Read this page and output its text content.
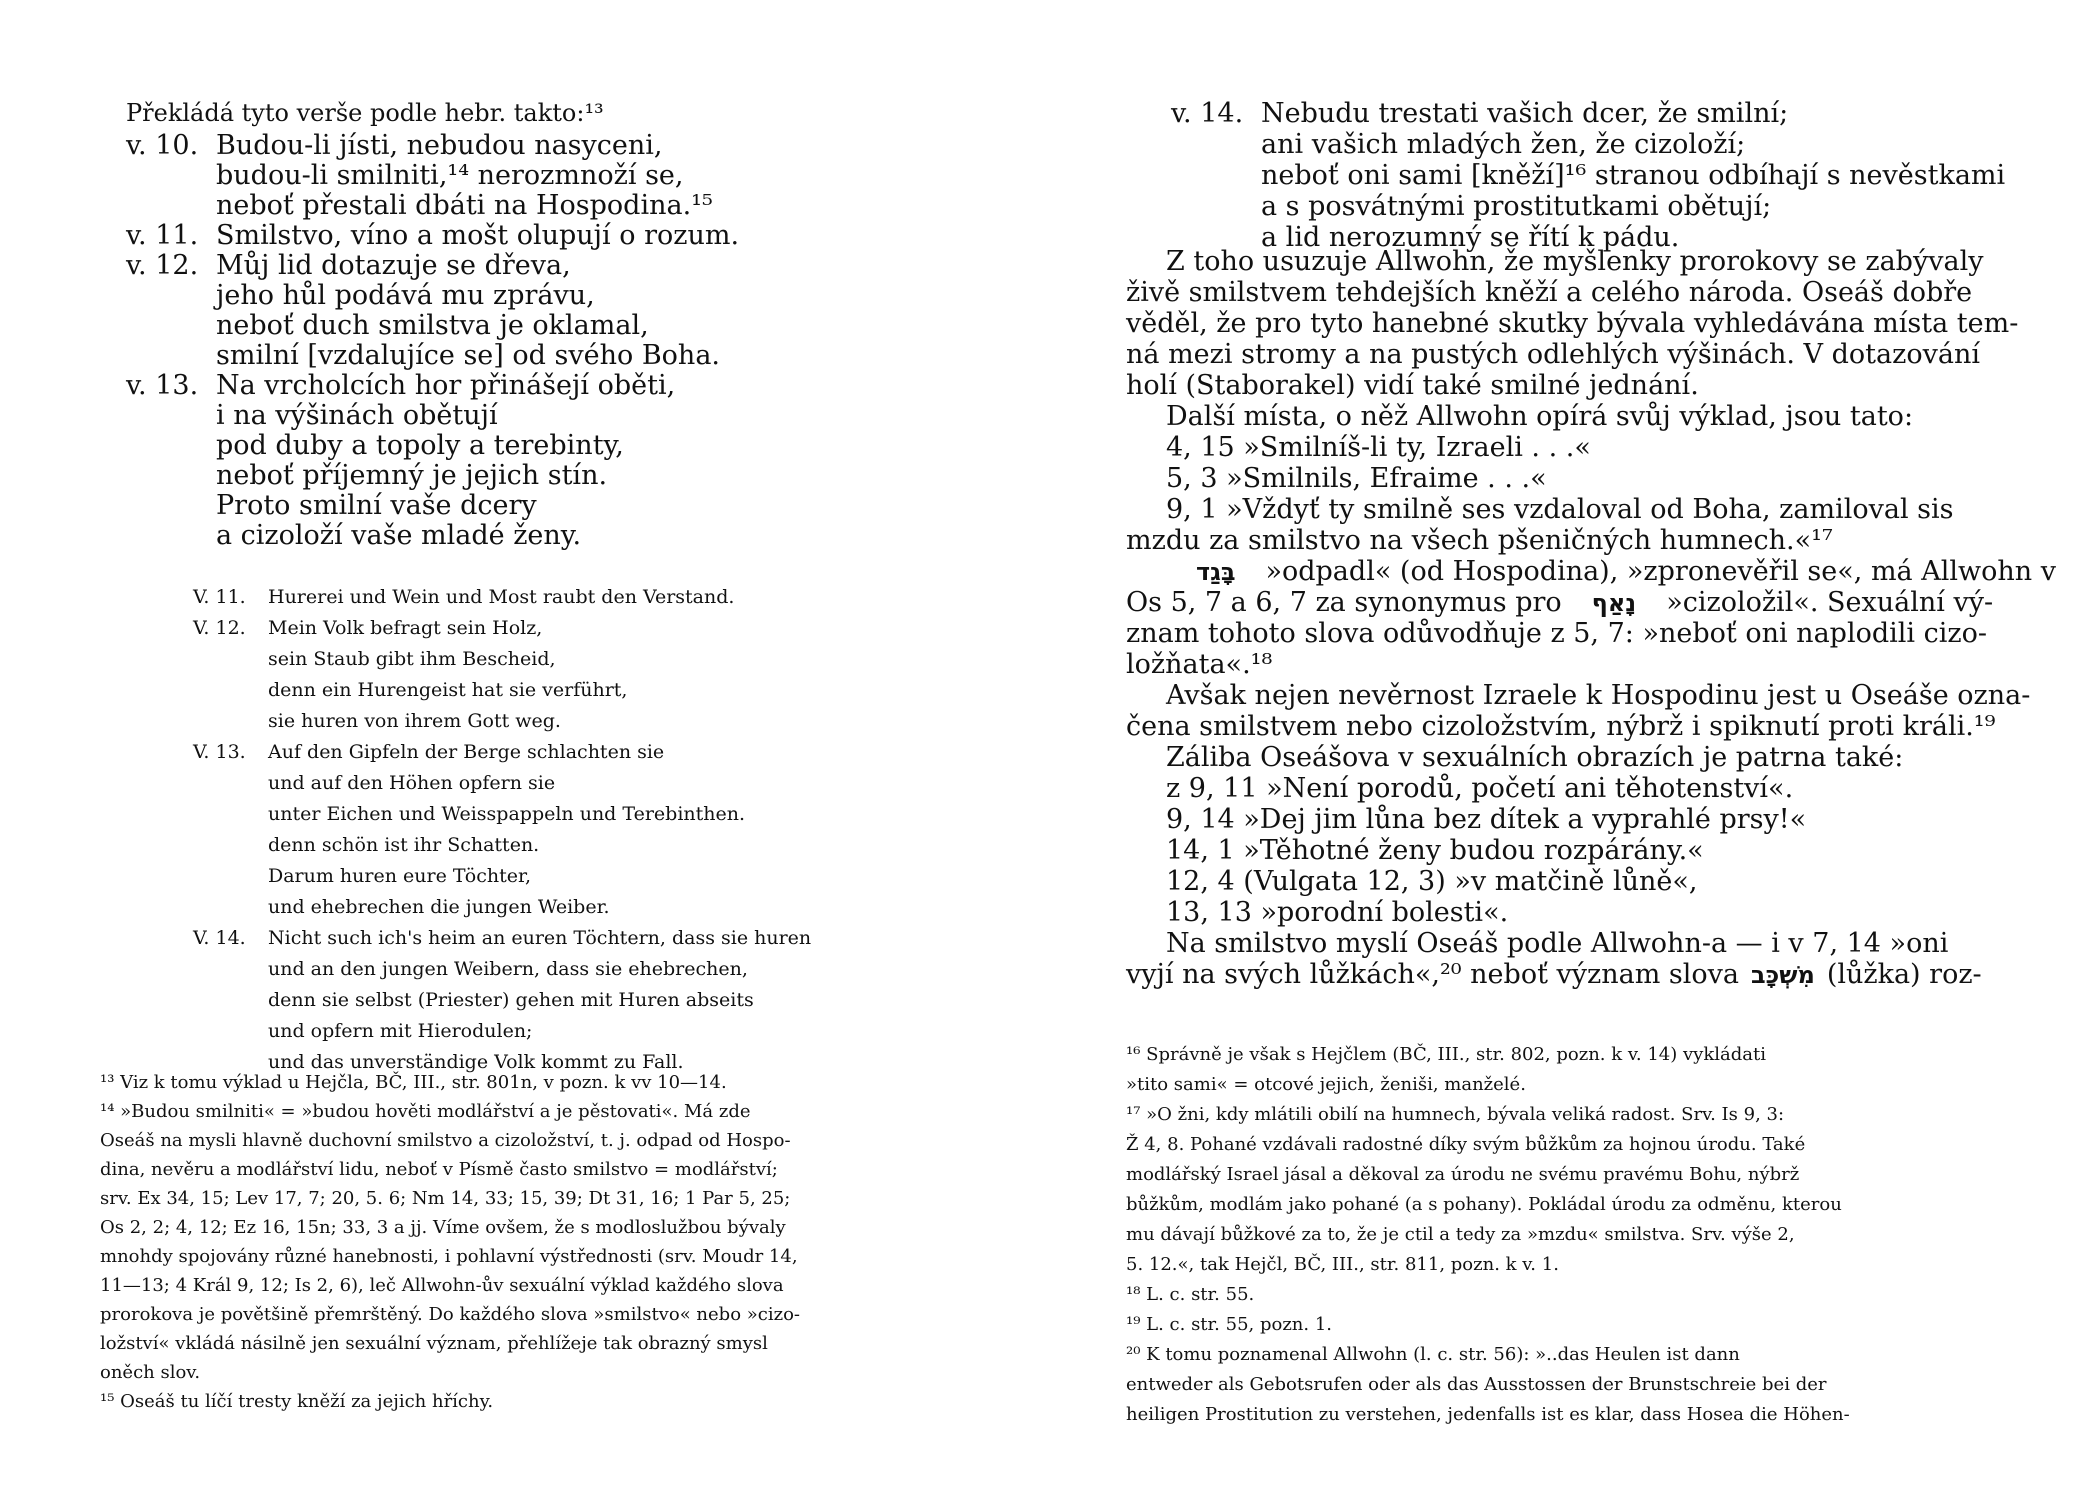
Překládá tyto verše podle hebr. takto:¹³
v. 10. Budou-li jísti, nebudou nasyceni,
budou-li smilniti,¹⁴ nerozmnoží se,
neboť přestali dbáti na Hospodina.¹⁵
v. 11. Smilstvo, víno a mošt olupují o rozum.
v. 12. Můj lid dotazuje se dřeva,
jeho hůl podává mu zprávu,
neboť duch smilstva je oklamal,
smilní [vzdalujíce se] od svého Boha.
v. 13. Na vrcholcích hor přinášejí oběti,
i na výšinách obětují
pod duby a topoly a terebinty,
neboť příjemný je jejich stín.
Proto smilní vaše dcery
a cizoloží vaše mladé ženy.
V. 11. Hurerei und Wein und Most raubt den Verstand.
V. 12. Mein Volk befragt sein Holz,
sein Staub gibt ihm Bescheid,
denn ein Hurengeist hat sie verführt,
sie huren von ihrem Gott weg.
V. 13. Auf den Gipfeln der Berge schlachten sie
und auf den Höhen opfern sie
unter Eichen und Weisspappeln und Terebinthen.
denn schön ist ihr Schatten.
Darum huren eure Töchter,
und ehebrechen die jungen Weiber.
V. 14. Nicht such ich's heim an euren Töchtern, dass sie huren
und an den jungen Weibern, dass sie ehebrechen,
denn sie selbst (Priester) gehen mit Huren abseits
und opfern mit Hierodulen;
und das unverständige Volk kommt zu Fall.
¹³ Viz k tomu výklad u Hejčla, BČ, III., str. 801n, v pozn. k vv 10—14.
¹⁴ »Budou smilniti« = »budou hověti modlářství a je pěstovati«. Má zde
Oseáš na mysli hlavně duchovní smilstvo a cizoložství, t. j. odpad od Hospo-
dina, nevěru a modlářství lidu, neboť v Písmě často smilstvo = modlářství;
srv. Ex 34, 15; Lev 17, 7; 20, 5. 6; Nm 14, 33; 15, 39; Dt 31, 16; 1 Par 5, 25;
Os 2, 2; 4, 12; Ez 16, 15n; 33, 3 a jj. Víme ovšem, že s modloslužbou bývaly
mnohdy spojovány různé hanebnosti, i pohlavní výstřednosti (srv. Moudr 14,
11—13; 4 Král 9, 12; Is 2, 6), leč Allwohn-ův sexuální výklad každého slova
prorokova je povětšině přemrštěný. Do každého slova »smilstvo« nebo »cizo-
ložství« vkládá násilně jen sexuální význam, přehlížeje tak obrazný smysl
oněch slov.
¹⁵ Oseáš tu líčí tresty kněží za jejich hříchy.
v. 14. Nebudu trestati vašich dcer, že smilní;
ani vašich mladých žen, že cizoloží;
neboť oni sami [kněží]¹⁶ stranou odbíhají s nevěstkami
a s posvátnými prostitutkami obětují;
a lid nerozumný se řítí k pádu.
Z toho usuzuje Allwohn, že myšlenky prorokovy se zabývaly
živě smilstvem tehdejších kněží a celého národa. Oseáš dobře
věděl, že pro tyto hanebné skutky bývala vyhledávána místa tem-
ná mezi stromy a na pustých odlehlých výšinách. V dotazování
holí (Staborakel) vidí také smilné jednání.
Další místa, o něž Allwohn opírá svůj výklad, jsou tato:
4, 15 »Smilníš-li ty, Izraeli . . .«
5, 3 »Smilnils, Efraime . . .«
9, 1 »Vždyť ty smilně ses vzdaloval od Boha, zamiloval sis
mzdu za smilstvo na všech pšeničných humnech.«¹⁷
בָּגַד »odpadl« (od Hospodina), »zpronevěřil se«, má Allwohn v
Os 5, 7 a 6, 7 za synonymus pro נָאַף »cizoložil«. Sexuální vý-
znam tohoto slova odůvodňuje z 5, 7: »neboť oni naplodili cizo-
ložňata«.¹⁸
Avšak nejen nevěrnost Izraele k Hospodinu jest u Oseáše ozna-
čena smilstvem nebo cizoložstvím, nýbrž i spiknutí proti králi.¹⁹
Záliba Oseášova v sexuálních obrazích je patrna také:
z 9, 11 »Není porodů, početí ani těhotenství«.
9, 14 »Dej jim lůna bez dítek a vyprahlé prsy!«
14, 1 »Těhotné ženy budou rozpárány.«
12, 4 (Vulgata 12, 3) »v matčině lůně«,
13, 13 »porodní bolesti«.
Na smilstvo myslí Oseáš podle Allwohn-a — i v 7, 14 »oni
vyjí na svých lůžkách«,²⁰ neboť význam slova מִשְׁכָּב (lůžka) roz-
¹⁶ Správně je však s Hejčlem (BČ, III., str. 802, pozn. k v. 14) vykládati
»tito sami« = otcové jejich, ženiši, manželé.
¹⁷ »O žni, kdy mlátili obilí na humnech, bývala veliká radost. Srv. Is 9, 3:
Ž 4, 8. Pohané vzdávali radostné díky svým bůžkům za hojnou úrodu. Také
modlářský Israel jásal a děkoval za úrodu ne svému pravému Bohu, nýbrž
bůžkům, modlám jako pohané (a s pohany). Pokládal úrodu za odměnu, kterou
mu dávají bůžkové za to, že je ctil a tedy za »mzdu« smilstva. Srv. výše 2,
5. 12.«, tak Hejčl, BČ, III., str. 811, pozn. k v. 1.
¹⁸ L. c. str. 55.
¹⁹ L. c. str. 55, pozn. 1.
²⁰ K tomu poznamenal Allwohn (l. c. str. 56): »..das Heulen ist dann
entweder als Gebotsrufen oder als das Ausstossen der Brunstschreie bei der
heiligen Prostitution zu verstehen, jedenfalls ist es klar, dass Hosea die Höhen-
